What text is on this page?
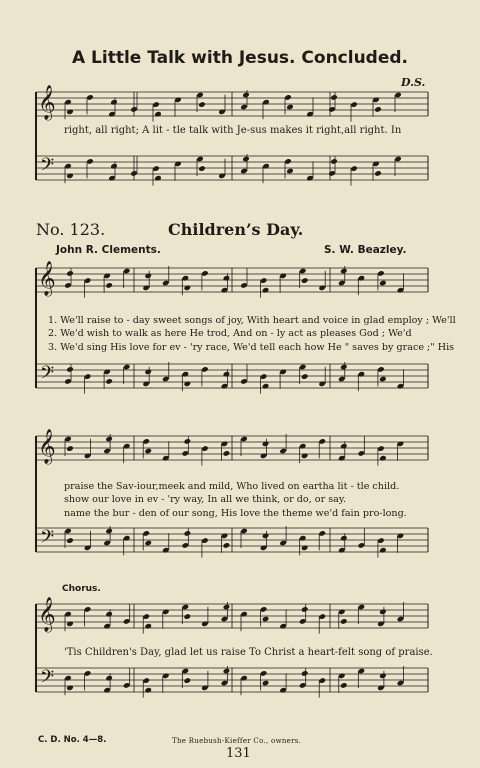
𝄞
𝄢
𝄞
𝄢
𝄞
𝄢
𝄞
𝄢
A Little Talk with Jesus. Concluded.
D.S.
right, all right; A lit - tle talk with Je-sus makes it right,all right. In
No. 123.	Children’s Day.
John R. Clements.	S. W. Beazley.
1. We'll raise to - day sweet songs of joy, With heart and voice in glad employ ; We'll
2. We'd wish to walk as here He trod, And on - ly act as pleases God ; We'd
3. We'd sing His love for ev - 'ry race, We'd tell each how He " saves by grace ;" His
praise the Sav-iour,meek and mild, Who lived on eartha lit - tle child.
show our love in ev - 'ry way, In all we think, or do, or say.
name the bur - den of our song, His love the theme we'd fain pro-long.
Chorus.
'Tis Children's Day, glad let us raise To Christ a heart-felt song of praise.
C. D. No. 4—8.	The Ruebush-Kieffer Co., owners.
131
